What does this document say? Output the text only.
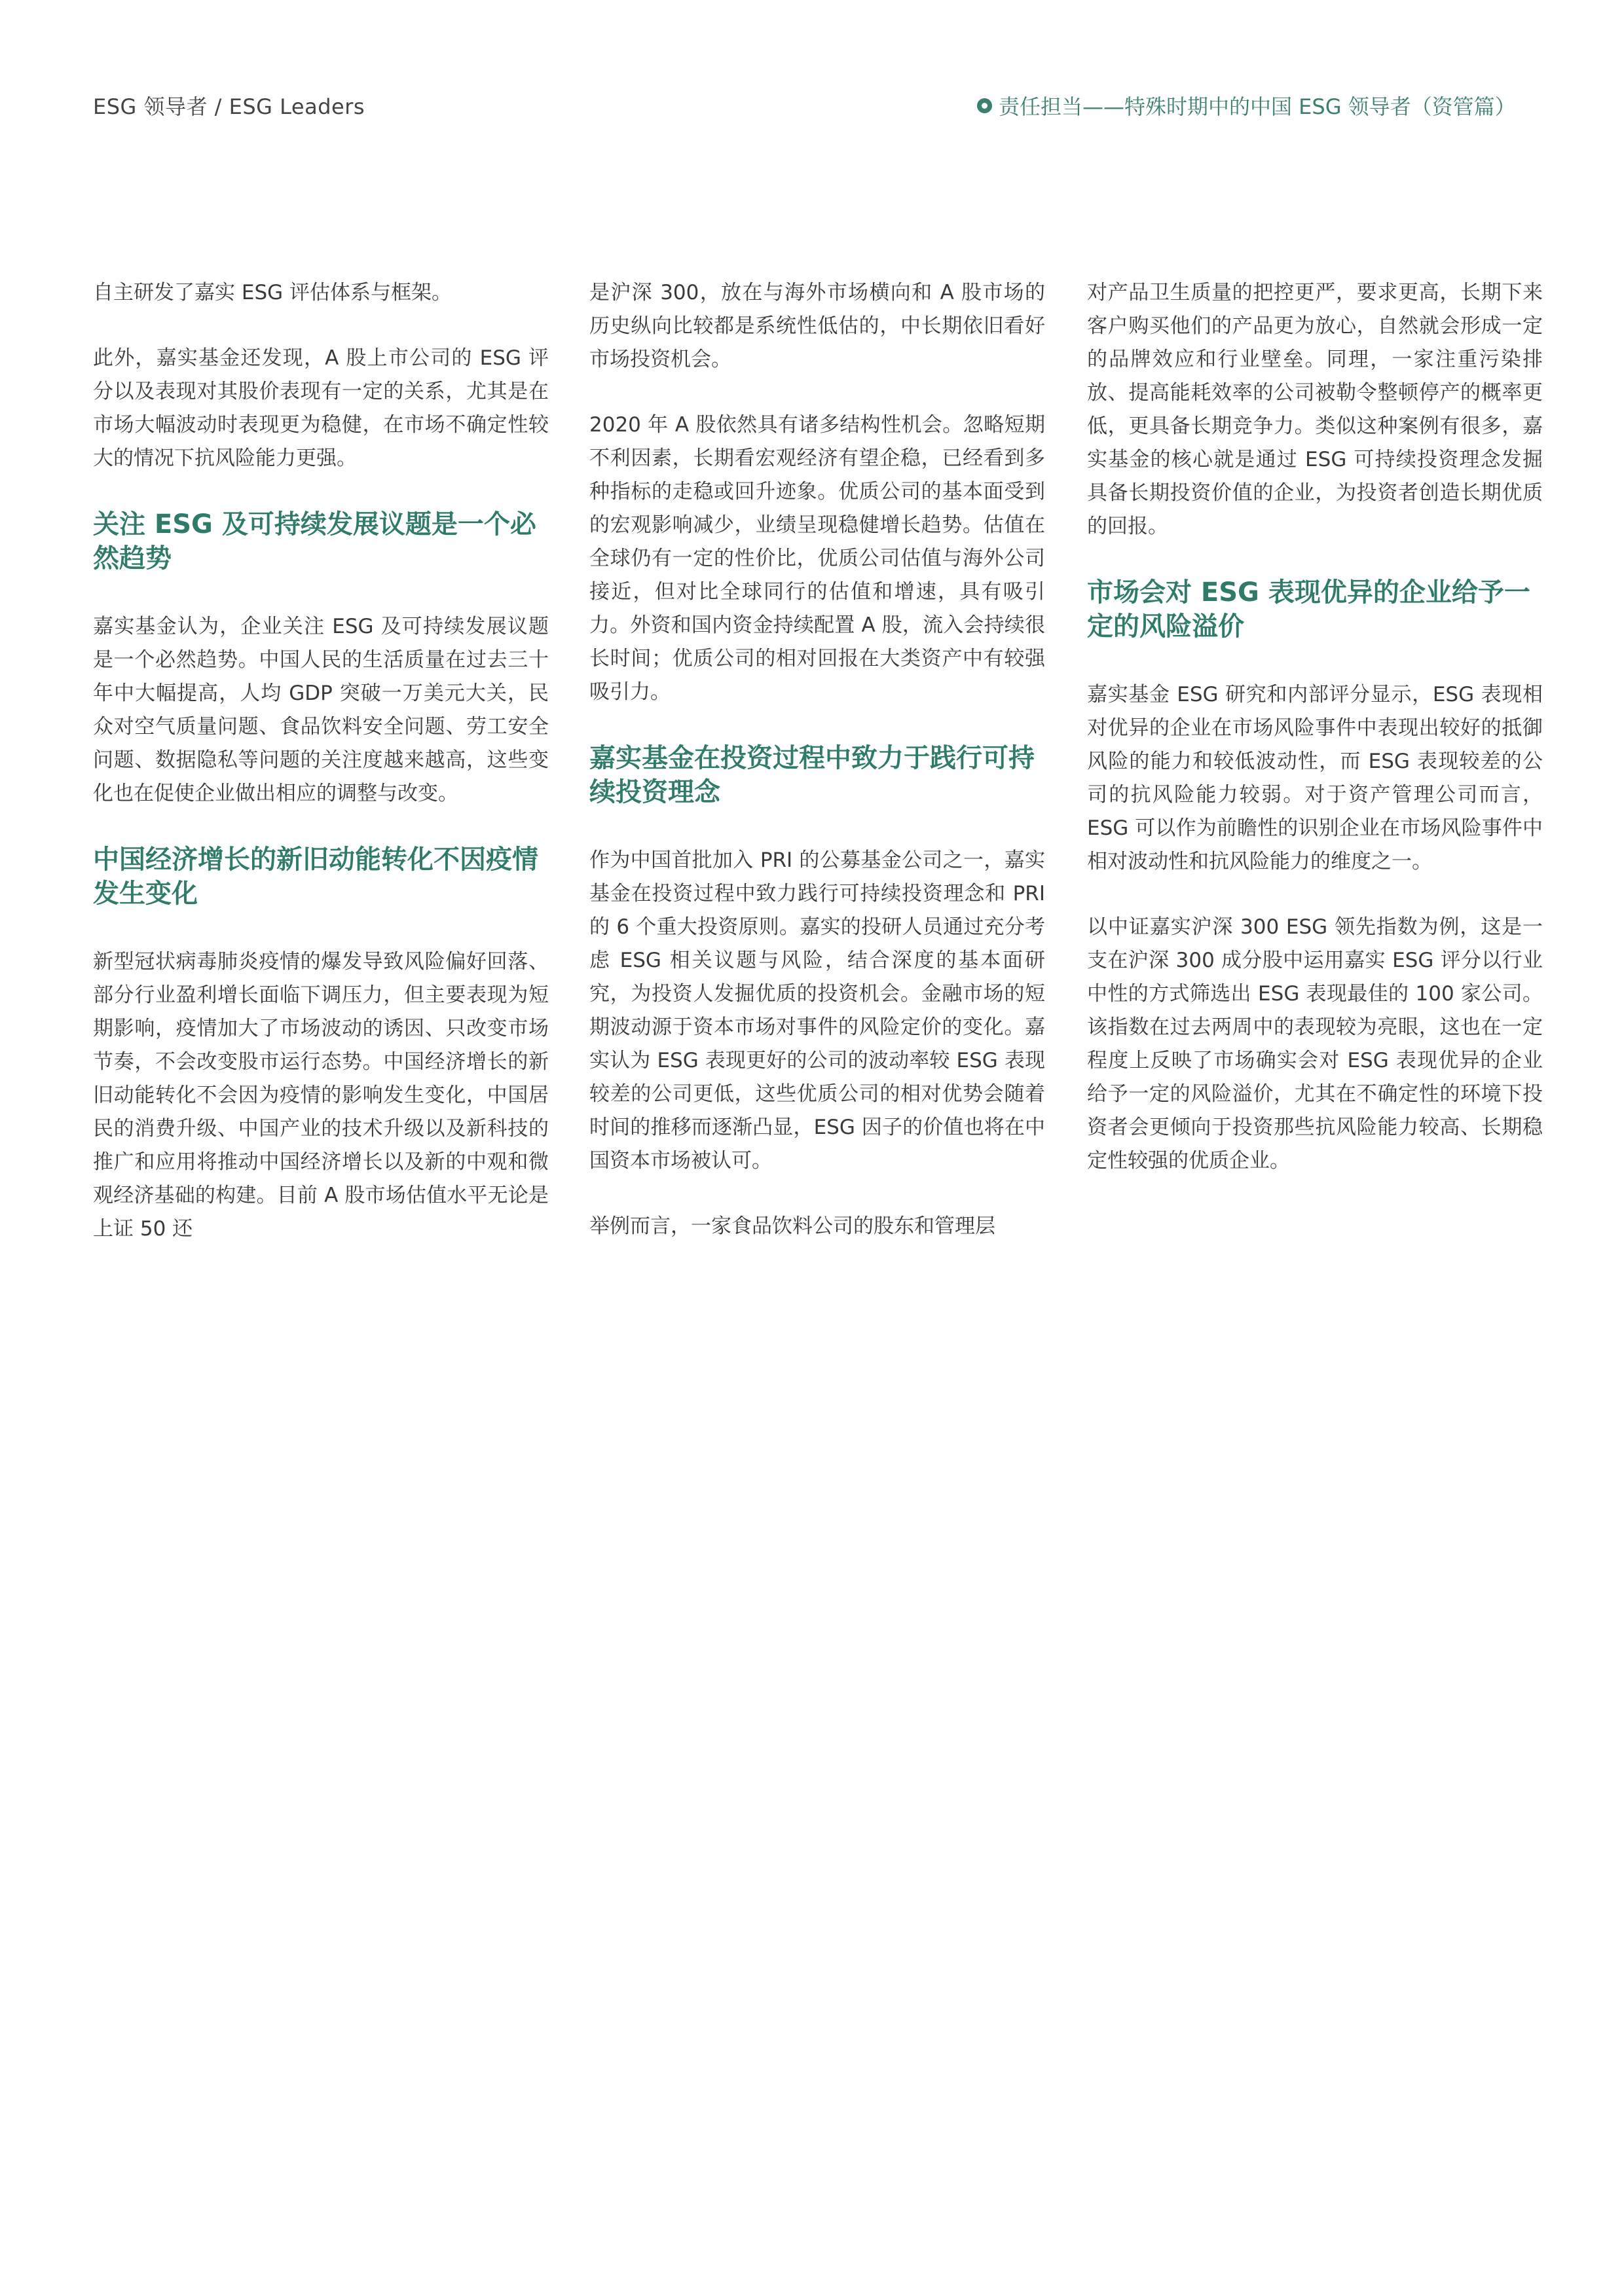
ESG 领导者 / ESG Leaders	责任担当——特殊时期中的中国 ESG 领导者（资管篇）

自主研发了嘉实 ESG 评估体系与框架。

此外，嘉实基金还发现，A 股上市公司的 ESG 评分以及表现对其股价表现有一定的关系，尤其是在市场大幅波动时表现更为稳健，在市场不确定性较大的情况下抗风险能力更强。

关注 ESG 及可持续发展议题是一个必然趋势

嘉实基金认为，企业关注 ESG 及可持续发展议题是一个必然趋势。中国人民的生活质量在过去三十年中大幅提高，人均 GDP 突破一万美元大关，民众对空气质量问题、食品饮料安全问题、劳工安全问题、数据隐私等问题的关注度越来越高，这些变化也在促使企业做出相应的调整与改变。

中国经济增长的新旧动能转化不因疫情发生变化

新型冠状病毒肺炎疫情的爆发导致风险偏好回落、部分行业盈利增长面临下调压力，但主要表现为短期影响，疫情加大了市场波动的诱因、只改变市场节奏，不会改变股市运行态势。中国经济增长的新旧动能转化不会因为疫情的影响发生变化，中国居民的消费升级、中国产业的技术升级以及新科技的推广和应用将推动中国经济增长以及新的中观和微观经济基础的构建。目前 A 股市场估值水平无论是上证 50 还

是沪深 300，放在与海外市场横向和 A 股市场的历史纵向比较都是系统性低估的，中长期依旧看好市场投资机会。

2020 年 A 股依然具有诸多结构性机会。忽略短期不利因素，长期看宏观经济有望企稳，已经看到多种指标的走稳或回升迹象。优质公司的基本面受到的宏观影响减少，业绩呈现稳健增长趋势。估值在全球仍有一定的性价比，优质公司估值与海外公司接近，但对比全球同行的估值和增速，具有吸引力。外资和国内资金持续配置 A 股，流入会持续很长时间；优质公司的相对回报在大类资产中有较强吸引力。

嘉实基金在投资过程中致力于践行可持续投资理念

作为中国首批加入 PRI 的公募基金公司之一，嘉实基金在投资过程中致力践行可持续投资理念和 PRI 的 6 个重大投资原则。嘉实的投研人员通过充分考虑 ESG 相关议题与风险，结合深度的基本面研究，为投资人发掘优质的投资机会。金融市场的短期波动源于资本市场对事件的风险定价的变化。嘉实认为 ESG 表现更好的公司的波动率较 ESG 表现较差的公司更低，这些优质公司的相对优势会随着时间的推移而逐渐凸显，ESG 因子的价值也将在中国资本市场被认可。

举例而言，一家食品饮料公司的股东和管理层

对产品卫生质量的把控更严，要求更高，长期下来客户购买他们的产品更为放心，自然就会形成一定的品牌效应和行业壁垒。同理，一家注重污染排放、提高能耗效率的公司被勒令整顿停产的概率更低，更具备长期竞争力。类似这种案例有很多，嘉实基金的核心就是通过 ESG 可持续投资理念发掘具备长期投资价值的企业，为投资者创造长期优质的回报。

市场会对 ESG 表现优异的企业给予一定的风险溢价

嘉实基金 ESG 研究和内部评分显示，ESG 表现相对优异的企业在市场风险事件中表现出较好的抵御风险的能力和较低波动性，而 ESG 表现较差的公司的抗风险能力较弱。对于资产管理公司而言，ESG 可以作为前瞻性的识别企业在市场风险事件中相对波动性和抗风险能力的维度之一。

以中证嘉实沪深 300 ESG 领先指数为例，这是一支在沪深 300 成分股中运用嘉实 ESG 评分以行业中性的方式筛选出 ESG 表现最佳的 100 家公司。该指数在过去两周中的表现较为亮眼，这也在一定程度上反映了市场确实会对 ESG 表现优异的企业给予一定的风险溢价，尤其在不确定性的环境下投资者会更倾向于投资那些抗风险能力较高、长期稳定性较强的优质企业。
